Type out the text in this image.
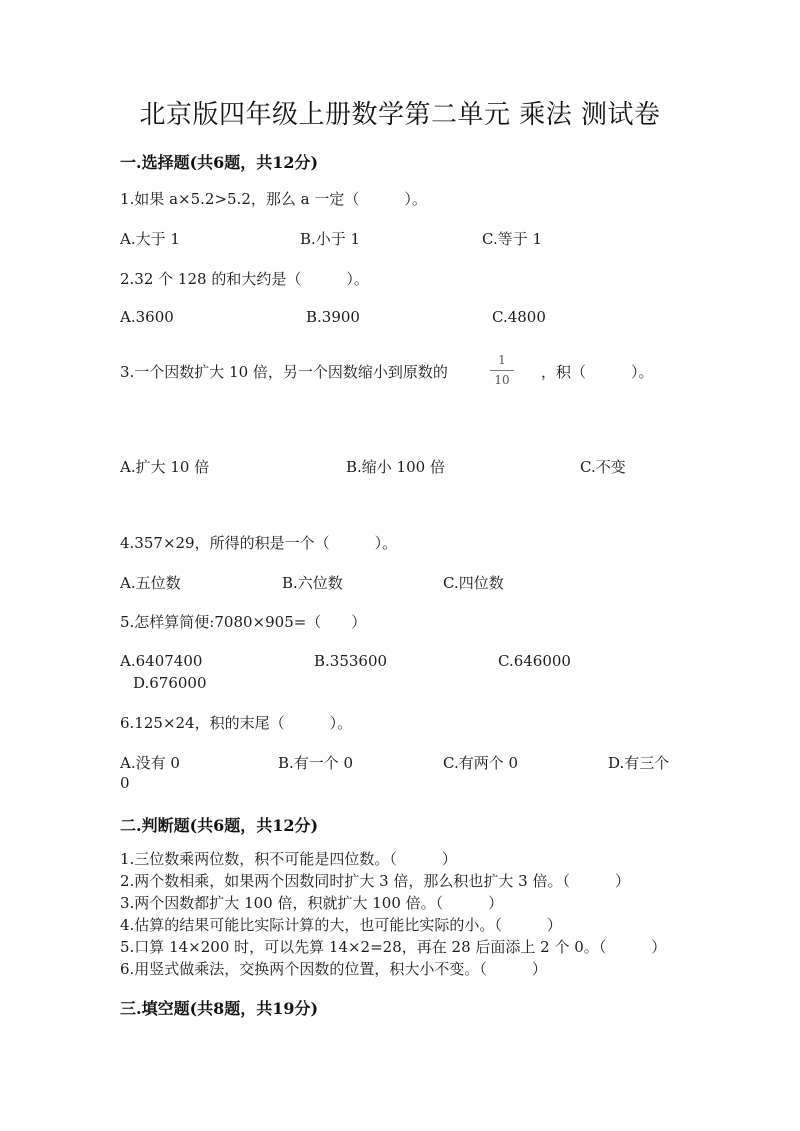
北京版四年级上册数学第二单元 乘法 测试卷
一.选择题(共6题，共12分)
1.如果 a×5.2>5.2，那么 a 一定（　　　）。
A.大于 1	B.小于 1	C.等于 1
2.32 个 128 的和大约是（　　　）。
A.3600	B.3900	C.4800
3.一个因数扩大 10 倍，另一个因数缩小到原数的
1
10 ，积（　　　）。
A.扩大 10 倍	B.缩小 100 倍	C.不变
4.357×29，所得的积是一个（　　　）。
A.五位数	B.六位数	C.四位数
5.怎样算简便:7080×905=（　　）
A.6407400	B.353600	C.646000
D.676000
6.125×24，积的末尾（　　　）。
A.没有 0	B.有一个 0	C.有两个 0	D.有三个
0
二.判断题(共6题，共12分)
1.三位数乘两位数，积不可能是四位数。（　　　）
2.两个数相乘，如果两个因数同时扩大 3 倍，那么积也扩大 3 倍。（　　　）
3.两个因数都扩大 100 倍，积就扩大 100 倍。（　　　）
4.估算的结果可能比实际计算的大，也可能比实际的小。（　　　）
5.口算 14×200 时，可以先算 14×2=28，再在 28 后面添上 2 个 0。（　　　）
6.用竖式做乘法，交换两个因数的位置，积大小不变。（　　　）
三.填空题(共8题，共19分)
